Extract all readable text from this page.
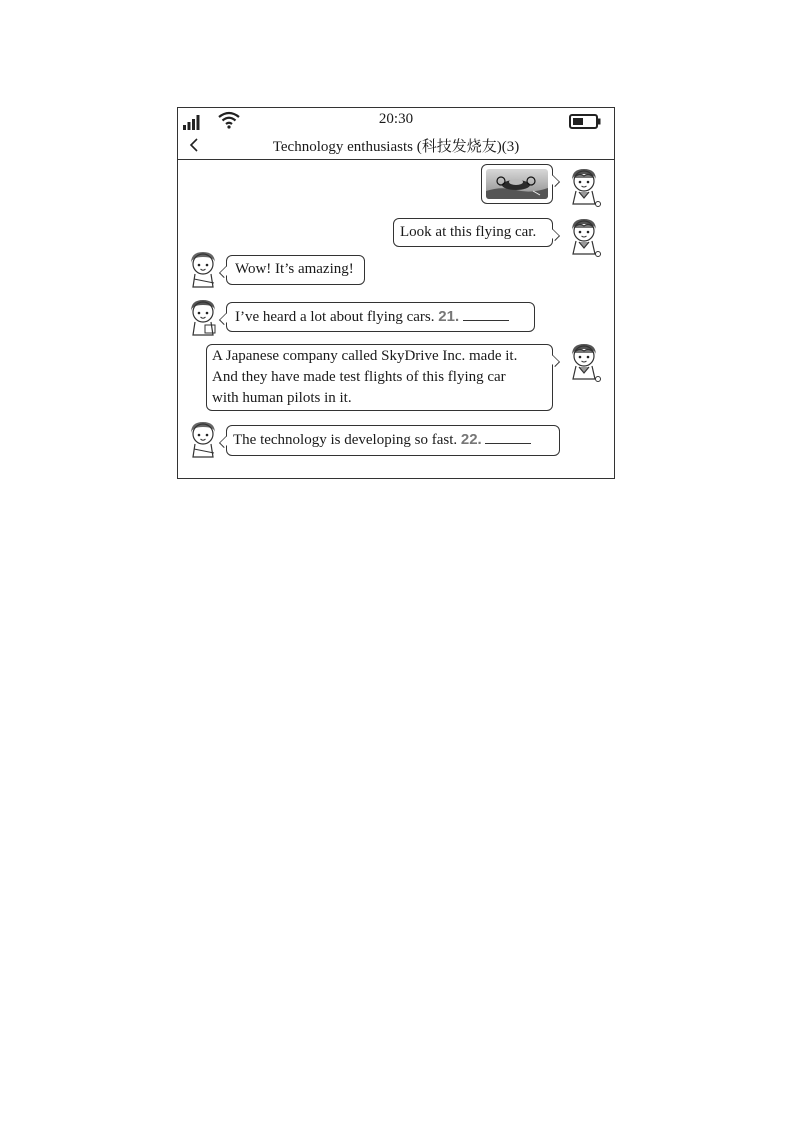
20:30
Technology enthusiasts (科技发烧友)(3)
Look at this flying car.
Wow! It’s amazing!
I’ve heard a lot about flying cars. 21.
A Japanese company called SkyDrive Inc. made it.
And they have made test flights of this flying car
with human pilots in it.
The technology is developing so fast. 22.
